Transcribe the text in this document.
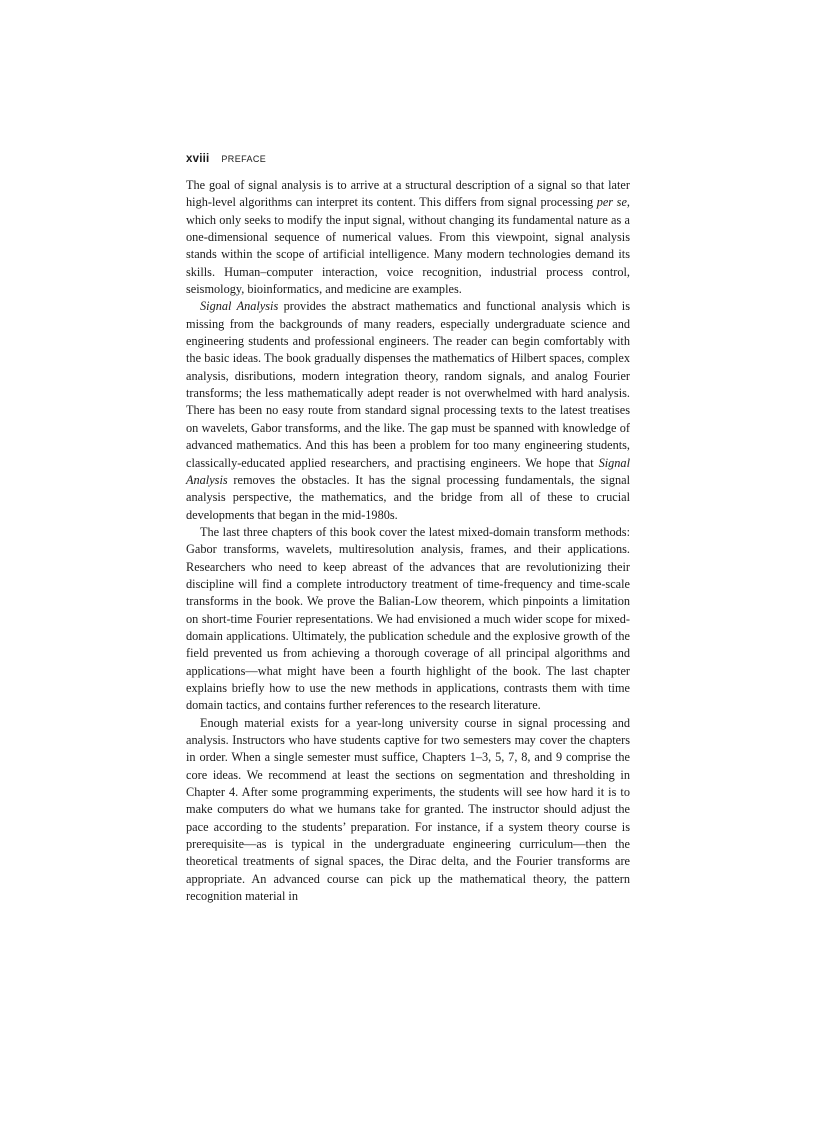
xviii PREFACE

The goal of signal analysis is to arrive at a structural description of a signal so that later high-level algorithms can interpret its content. This differs from signal processing per se, which only seeks to modify the input signal, without changing its fundamental nature as a one-dimensional sequence of numerical values. From this viewpoint, signal analysis stands within the scope of artificial intelligence. Many modern technologies demand its skills. Human–computer interaction, voice recognition, industrial process control, seismology, bioinformatics, and medicine are examples.

Signal Analysis provides the abstract mathematics and functional analysis which is missing from the backgrounds of many readers, especially undergraduate science and engineering students and professional engineers. The reader can begin comfortably with the basic ideas. The book gradually dispenses the mathematics of Hilbert spaces, complex analysis, disributions, modern integration theory, random signals, and analog Fourier transforms; the less mathematically adept reader is not overwhelmed with hard analysis. There has been no easy route from standard signal processing texts to the latest treatises on wavelets, Gabor transforms, and the like. The gap must be spanned with knowledge of advanced mathematics. And this has been a problem for too many engineering students, classically-educated applied researchers, and practising engineers. We hope that Signal Analysis removes the obstacles. It has the signal processing fundamentals, the signal analysis perspective, the mathematics, and the bridge from all of these to crucial developments that began in the mid-1980s.

The last three chapters of this book cover the latest mixed-domain transform methods: Gabor transforms, wavelets, multiresolution analysis, frames, and their applications. Researchers who need to keep abreast of the advances that are revolutionizing their discipline will find a complete introductory treatment of time-frequency and time-scale transforms in the book. We prove the Balian-Low theorem, which pinpoints a limitation on short-time Fourier representations. We had envisioned a much wider scope for mixed-domain applications. Ultimately, the publication schedule and the explosive growth of the field prevented us from achieving a thorough coverage of all principal algorithms and applications—what might have been a fourth highlight of the book. The last chapter explains briefly how to use the new methods in applications, contrasts them with time domain tactics, and contains further references to the research literature.

Enough material exists for a year-long university course in signal processing and analysis. Instructors who have students captive for two semesters may cover the chapters in order. When a single semester must suffice, Chapters 1–3, 5, 7, 8, and 9 comprise the core ideas. We recommend at least the sections on segmentation and thresholding in Chapter 4. After some programming experiments, the students will see how hard it is to make computers do what we humans take for granted. The instructor should adjust the pace according to the students’ preparation. For instance, if a system theory course is prerequisite—as is typical in the undergraduate engineering curriculum—then the theoretical treatments of signal spaces, the Dirac delta, and the Fourier transforms are appropriate. An advanced course can pick up the mathematical theory, the pattern recognition material in
